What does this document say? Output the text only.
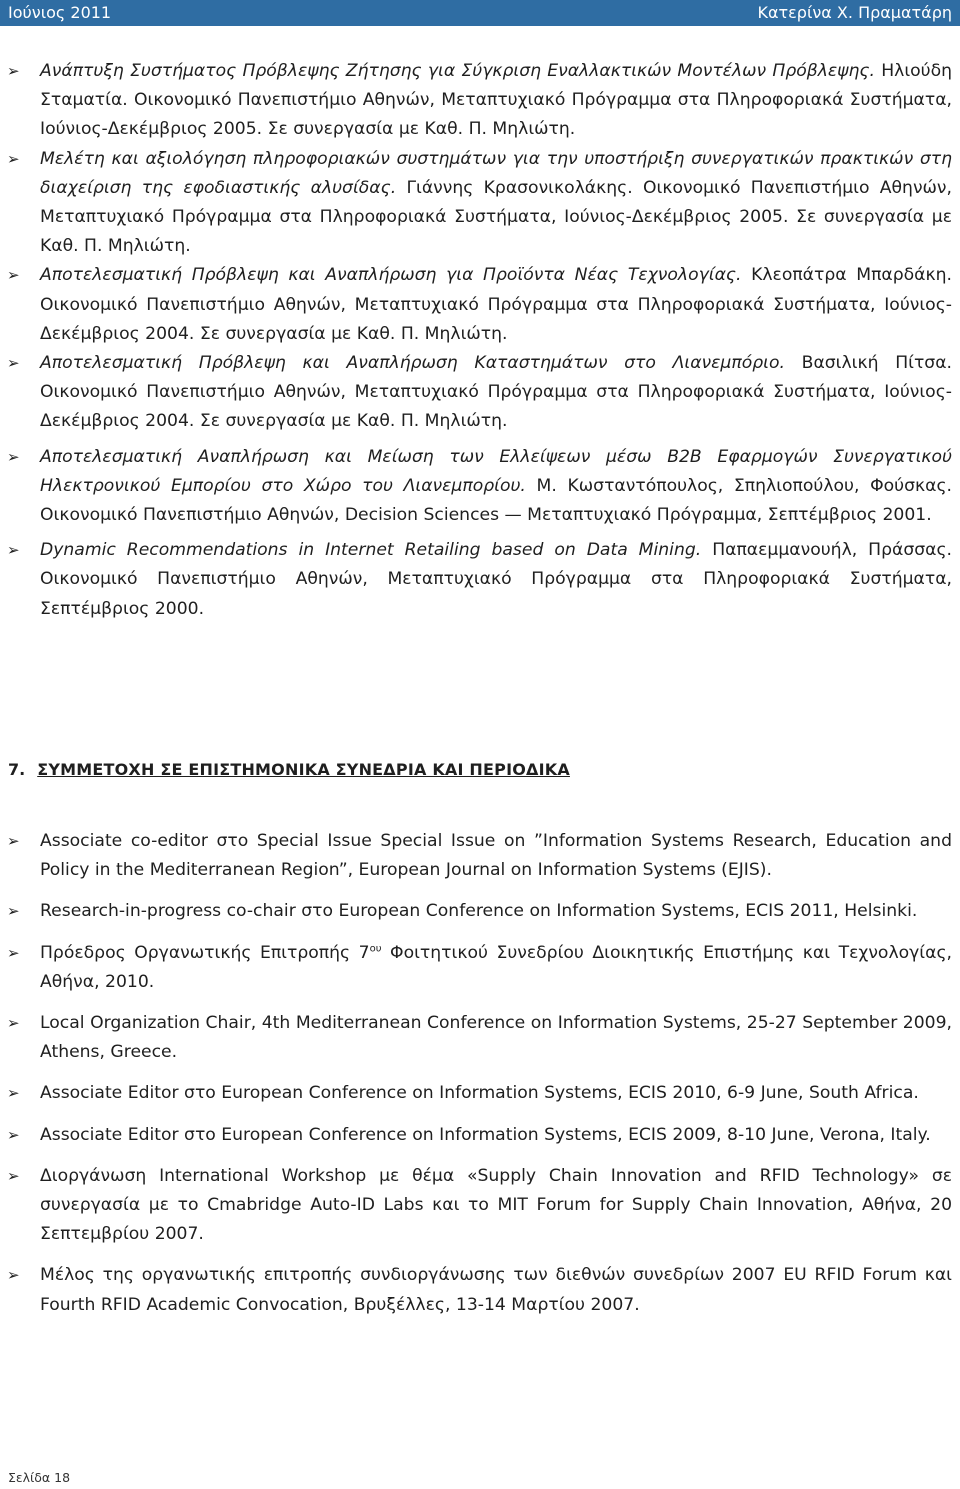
Ιούνιος 2011	Κατερίνα Χ. Πραματάρη
➢ Ανάπτυξη Συστήματος Πρόβλεψης Ζήτησης για Σύγκριση Εναλλακτικών Μοντέλων Πρόβλεψης. Ηλιούδη Σταματία. Οικονομικό Πανεπιστήμιο Αθηνών, Μεταπτυχιακό Πρόγραμμα στα Πληροφοριακά Συστήματα, Ιούνιος-Δεκέμβριος 2005. Σε συνεργασία με Καθ. Π. Μηλιώτη.
➢ Μελέτη και αξιολόγηση πληροφοριακών συστημάτων για την υποστήριξη συνεργατικών πρακτικών στη διαχείριση της εφοδιαστικής αλυσίδας. Γιάννης Κρασονικολάκης. Οικονομικό Πανεπιστήμιο Αθηνών, Μεταπτυχιακό Πρόγραμμα στα Πληροφοριακά Συστήματα, Ιούνιος-Δεκέμβριος 2005. Σε συνεργασία με Καθ. Π. Μηλιώτη.
➢ Αποτελεσματική Πρόβλεψη και Αναπλήρωση για Προϊόντα Νέας Τεχνολογίας. Κλεοπάτρα Μπαρδάκη. Οικονομικό Πανεπιστήμιο Αθηνών, Μεταπτυχιακό Πρόγραμμα στα Πληροφοριακά Συστήματα, Ιούνιος-Δεκέμβριος 2004. Σε συνεργασία με Καθ. Π. Μηλιώτη.
➢ Αποτελεσματική Πρόβλεψη και Αναπλήρωση Καταστημάτων στο Λιανεμπόριο. Βασιλική Πίτσα. Οικονομικό Πανεπιστήμιο Αθηνών, Μεταπτυχιακό Πρόγραμμα στα Πληροφοριακά Συστήματα, Ιούνιος-Δεκέμβριος 2004. Σε συνεργασία με Καθ. Π. Μηλιώτη.
➢ Αποτελεσματική Αναπλήρωση και Μείωση των Ελλείψεων μέσω B2B Εφαρμογών Συνεργατικού Ηλεκτρονικού Εμπορίου στο Χώρο του Λιανεμπορίου. Μ. Κωσταντόπουλος, Σπηλιοπούλου, Φούσκας. Οικονομικό Πανεπιστήμιο Αθηνών, Decision Sciences — Μεταπτυχιακό Πρόγραμμα, Σεπτέμβριος 2001.
➢ Dynamic Recommendations in Internet Retailing based on Data Mining. Παπαεμμανουήλ, Πράσσας. Οικονομικό Πανεπιστήμιο Αθηνών, Μεταπτυχιακό Πρόγραμμα στα Πληροφοριακά Συστήματα, Σεπτέμβριος 2000.
7. ΣΥΜΜΕΤΟΧΗ ΣΕ ΕΠΙΣΤΗΜΟΝΙΚΑ ΣΥΝΕΔΡΙΑ ΚΑΙ ΠΕΡΙΟΔΙΚΑ
➢ Associate co-editor στο Special Issue Special Issue on ”Information Systems Research, Education and Policy in the Mediterranean Region”, European Journal on Information Systems (EJIS).
➢ Research-in-progress co-chair στο European Conference on Information Systems, ECIS 2011, Helsinki.
➢ Πρόεδρος Οργανωτικής Επιτροπής $7^{o\upsilon}$ Φοιτητικού Συνεδρίου Διοικητικής Επιστήμης και Τεχνολογίας, Αθήνα, 2010.
➢ Local Organization Chair, 4th Mediterranean Conference on Information Systems, 25-27 September 2009, Athens, Greece.
➢ Associate Editor στο European Conference on Information Systems, ECIS 2010, 6-9 June, South Africa.
➢ Associate Editor στο European Conference on Information Systems, ECIS 2009, 8-10 June, Verona, Italy.
➢ Διοργάνωση International Workshop με θέμα «Supply Chain Innovation and RFID Technology» σε συνεργασία με το Cmabridge Auto-ID Labs και το MIT Forum for Supply Chain Innovation, Αθήνα, 20 Σεπτεμβρίου 2007.
➢ Μέλος της οργανωτικής επιτροπής συνδιοργάνωσης των διεθνών συνεδρίων 2007 EU RFID Forum και Fourth RFID Academic Convocation, Βρυξέλλες, 13-14 Μαρτίου 2007.
Σελίδα 18
